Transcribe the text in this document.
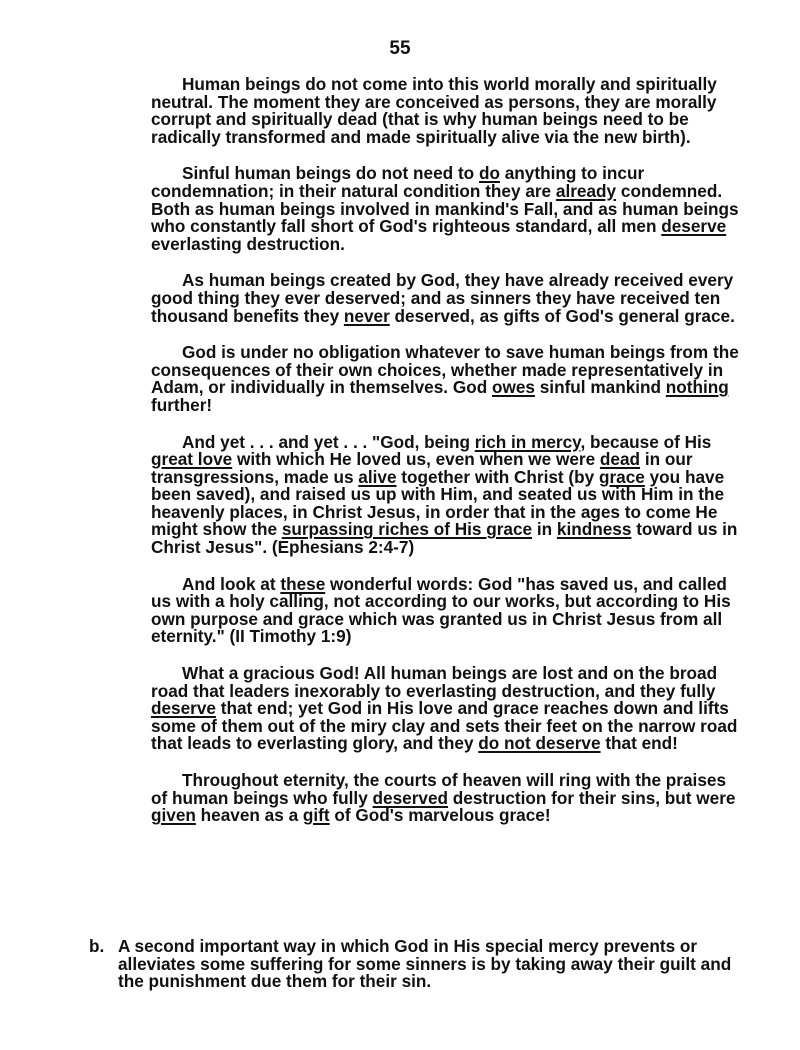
55

Human beings do not come into this world morally and spiritually neutral. The moment they are conceived as persons, they are morally corrupt and spiritually dead (that is why human beings need to be radically transformed and made spiritually alive via the new birth).

Sinful human beings do not need to do anything to incur condemnation; in their natural condition they are already condemned. Both as human beings involved in mankind's Fall, and as human beings who constantly fall short of God's righteous standard, all men deserve everlasting destruction.

As human beings created by God, they have already received every good thing they ever deserved; and as sinners they have received ten thousand benefits they never deserved, as gifts of God's general grace.

God is under no obligation whatever to save human beings from the consequences of their own choices, whether made representatively in Adam, or individually in themselves. God owes sinful mankind nothing further!

And yet . . . and yet . . . "God, being rich in mercy, because of His great love with which He loved us, even when we were dead in our transgressions, made us alive together with Christ (by grace you have been saved), and raised us up with Him, and seated us with Him in the heavenly places, in Christ Jesus, in order that in the ages to come He might show the surpassing riches of His grace in kindness toward us in Christ Jesus". (Ephesians 2:4-7)

And look at these wonderful words: God "has saved us, and called us with a holy calling, not according to our works, but according to His own purpose and grace which was granted us in Christ Jesus from all eternity." (II Timothy 1:9)

What a gracious God! All human beings are lost and on the broad road that leaders inexorably to everlasting destruction, and they fully deserve that end; yet God in His love and grace reaches down and lifts some of them out of the miry clay and sets their feet on the narrow road that leads to everlasting glory, and they do not deserve that end!

Throughout eternity, the courts of heaven will ring with the praises of human beings who fully deserved destruction for their sins, but were given heaven as a gift of God's marvelous grace!

b. A second important way in which God in His special mercy prevents or alleviates some suffering for some sinners is by taking away their guilt and the punishment due them for their sin.
